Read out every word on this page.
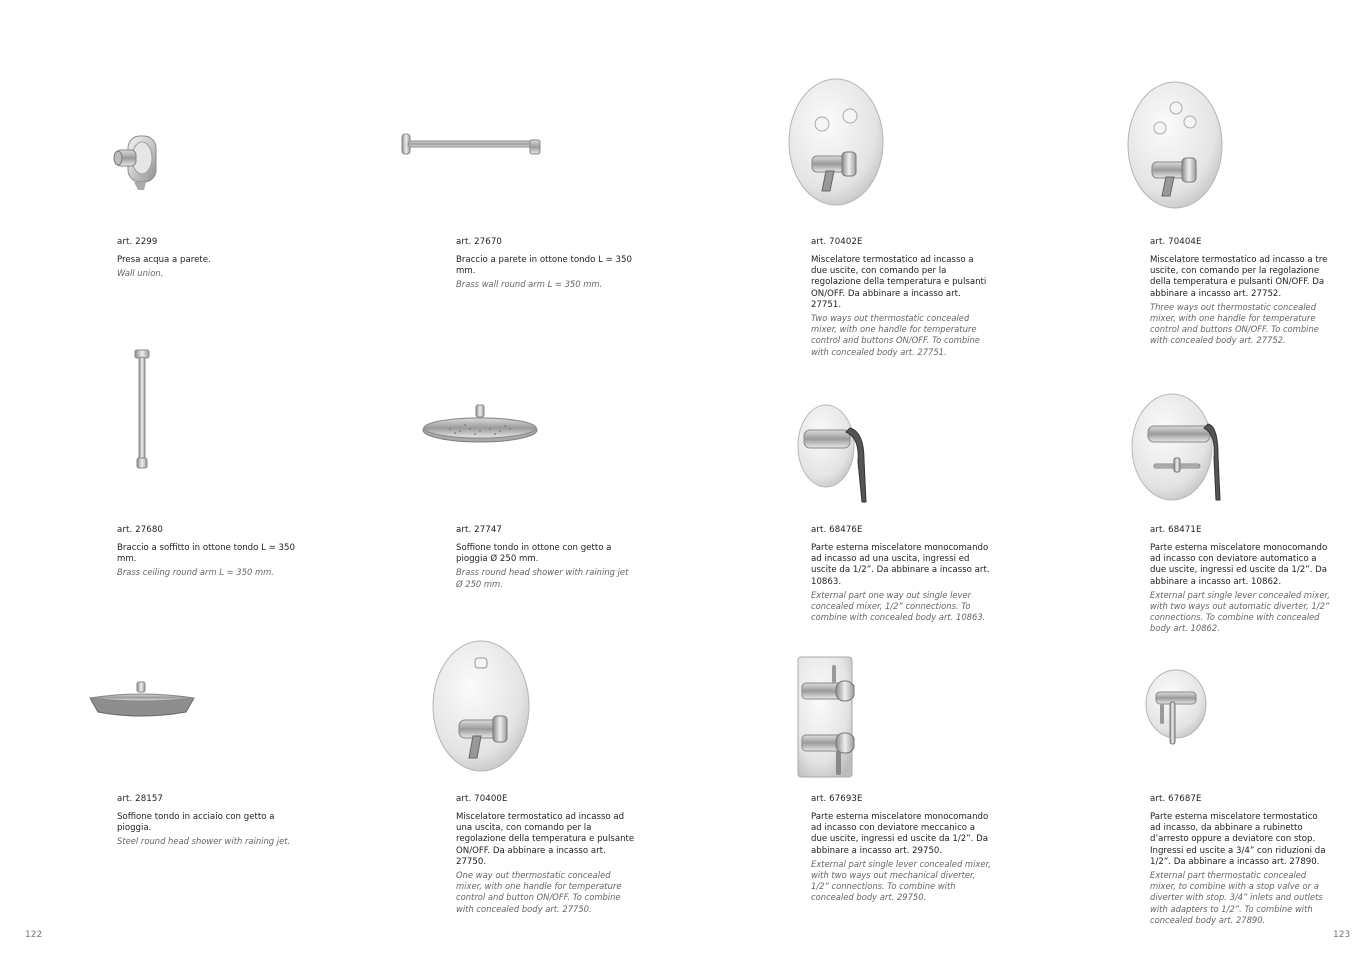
art. 2299

Presa acqua a parete.

Wall union.

art. 27670

Braccio a parete in ottone tondo L = 350 mm.

Brass wall round arm L = 350 mm.

art. 70402E

Miscelatore termostatico ad incasso a due uscite, con comando per la regolazione della temperatura e pulsanti ON/OFF. Da abbinare a incasso art. 27751.

Two ways out thermostatic concealed mixer, with one handle for temperature control and buttons ON/OFF. To combine with concealed body art. 27751.

art. 70404E

Miscelatore termostatico ad incasso a tre uscite, con comando per la regolazione della temperatura e pulsanti ON/OFF. Da abbinare a incasso art. 27752.

Three ways out thermostatic concealed mixer, with one handle for temperature control and buttons ON/OFF. To combine with concealed body art. 27752.

art. 27680

Braccio a soffitto in ottone tondo L = 350 mm.

Brass ceiling round arm L = 350 mm.

art. 27747

Soffione tondo in ottone con getto a pioggia Ø 250 mm.

Brass round head shower with raining jet Ø 250 mm.

art. 68476E

Parte esterna miscelatore monocomando ad incasso ad una uscita, ingressi ed uscite da 1/2”. Da abbinare a incasso art. 10863.

External part one way out single lever concealed mixer, 1/2” connections. To combine with concealed body art. 10863.

art. 68471E

Parte esterna miscelatore monocomando ad incasso con deviatore automatico a due uscite, ingressi ed uscite da 1/2”. Da abbinare a incasso art. 10862.

External part single lever concealed mixer, with two ways out automatic diverter, 1/2” connections. To combine with concealed body art. 10862.

art. 28157

Soffione tondo in acciaio con getto a pioggia.

Steel round head shower with raining jet.

art. 70400E

Miscelatore termostatico ad incasso ad una uscita, con comando per la regolazione della temperatura e pulsante ON/OFF. Da abbinare a incasso art. 27750.

One way out thermostatic concealed mixer, with one handle for temperature control and button ON/OFF. To combine with concealed body art. 27750.

art. 67693E

Parte esterna miscelatore monocomando ad incasso con deviatore meccanico a due uscite, ingressi ed uscite da 1/2”. Da abbinare a incasso art. 29750.

External part single lever concealed mixer, with two ways out mechanical diverter, 1/2” connections. To combine with concealed body art. 29750.

art. 67687E

Parte esterna miscelatore termostatico ad incasso, da abbinare a rubinetto d’arresto oppure a deviatore con stop. Ingressi ed uscite a 3/4” con riduzioni da 1/2”. Da abbinare a incasso art. 27890.

External part thermostatic concealed mixer, to combine with a stop valve or a diverter with stop. 3/4” inlets and outlets with adapters to 1/2”. To combine with concealed body art. 27890.

122	123
